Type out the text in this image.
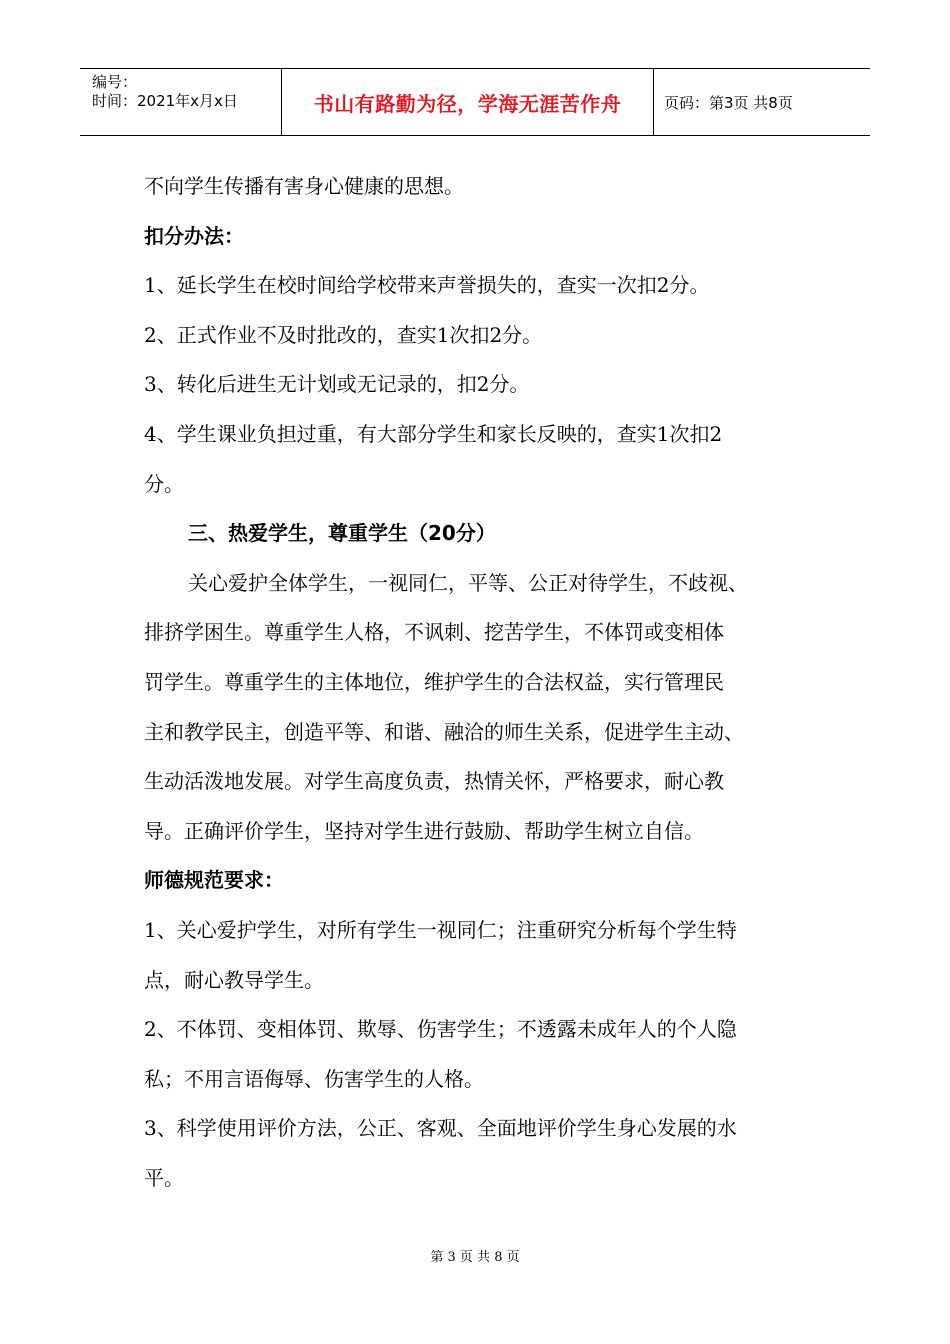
编号：
时间：2021年x月x日	书山有路勤为径，学海无涯苦作舟	页码：第3页 共8页
不向学生传播有害身心健康的思想。
扣分办法：
1、延长学生在校时间给学校带来声誉损失的，查实一次扣2分。
2、正式作业不及时批改的，查实1次扣2分。
3、转化后进生无计划或无记录的，扣2分。
4、学生课业负担过重，有大部分学生和家长反映的，查实1次扣2
分。
三、热爱学生，尊重学生（20分）
关心爱护全体学生，一视同仁，平等、公正对待学生，不歧视、
排挤学困生。尊重学生人格，不讽刺、挖苦学生，不体罚或变相体
罚学生。尊重学生的主体地位，维护学生的合法权益，实行管理民
主和教学民主，创造平等、和谐、融洽的师生关系，促进学生主动、
生动活泼地发展。对学生高度负责，热情关怀，严格要求，耐心教
导。正确评价学生，坚持对学生进行鼓励、帮助学生树立自信。
师德规范要求：
1、关心爱护学生，对所有学生一视同仁；注重研究分析每个学生特
点，耐心教导学生。
2、不体罚、变相体罚、欺辱、伤害学生；不透露未成年人的个人隐
私；不用言语侮辱、伤害学生的人格。
3、科学使用评价方法，公正、客观、全面地评价学生身心发展的水
平。
第 3 页 共 8 页
